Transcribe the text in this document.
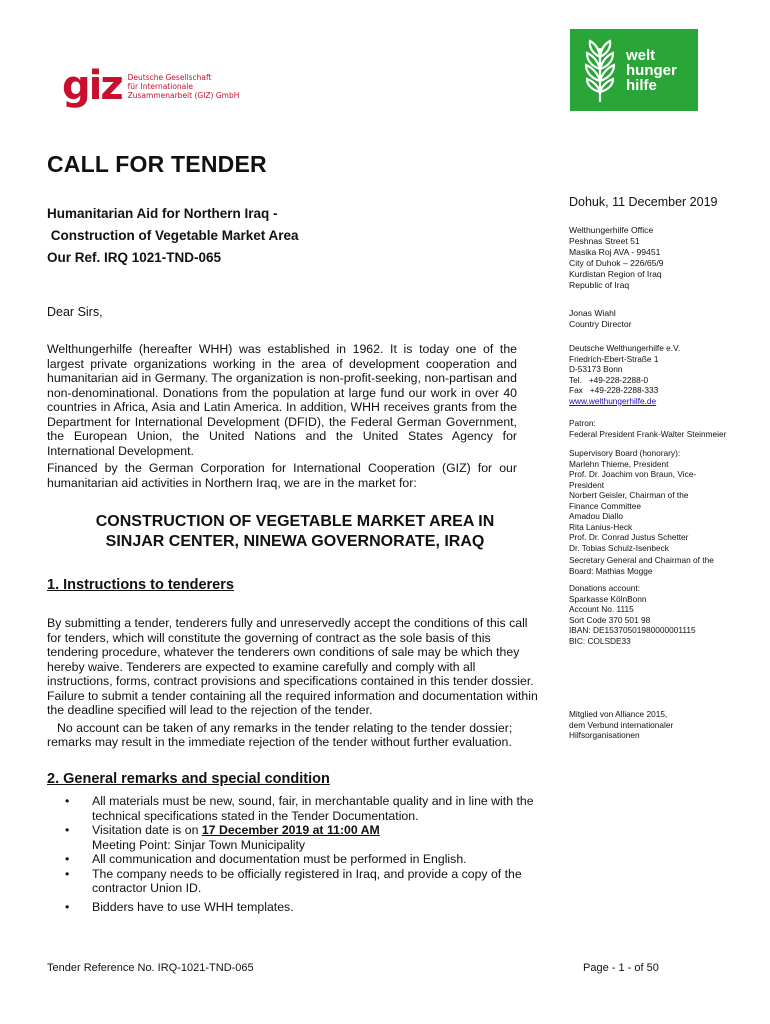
giz Deutsche Gesellschaft
für Internationale
Zusammenarbeit (GIZ) GmbH
welt
hunger
hilfe
CALL FOR TENDER
Humanitarian Aid for Northern Iraq -
Construction of Vegetable Market Area
Our Ref. IRQ 1021-TND-065
Dear Sirs,
Welthungerhilfe (hereafter WHH) was established in 1962. It is today one of the largest private organizations working in the area of development cooperation and humanitarian aid in Germany. The organization is non-profit-seeking, non-partisan and non-denominational. Donations from the population at large fund our work in over 40 countries in Africa, Asia and Latin America. In addition, WHH receives grants from the Department for International Development (DFID), the Federal German Government, the European Union, the United Nations and the United States Agency for International Development.
Financed by the German Corporation for International Cooperation (GIZ) for our humanitarian aid activities in Northern Iraq, we are in the market for:
CONSTRUCTION OF VEGETABLE MARKET AREA IN
SINJAR CENTER, NINEWA GOVERNORATE, IRAQ
1. Instructions to tenderers

By submitting a tender, tenderers fully and unreservedly accept the conditions of this call for tenders, which will constitute the governing of contract as the sole basis of this tendering procedure, whatever the tenderers own conditions of sale may be which they hereby waive. Tenderers are expected to examine carefully and comply with all instructions, forms, contract provisions and specifications contained in this tender dossier. Failure to submit a tender containing all the required information and documentation within the deadline specified will lead to the rejection of the tender.

No account can be taken of any remarks in the tender relating to the tender dossier; remarks may result in the immediate rejection of the tender without further evaluation.

2. General remarks and special condition
• All materials must be new, sound, fair, in merchantable quality and in line with the technical specifications stated in the Tender Documentation.
• Visitation date is on 17 December 2019 at 11:00 AM
Meeting Point: Sinjar Town Municipality
• All communication and documentation must be performed in English.
• The company needs to be officially registered in Iraq, and provide a copy of the contractor Union ID.
• Bidders have to use WHH templates.
Tender Reference No. IRQ-1021-TND-065	Page - 1 - of 50
Dohuk, 11 December 2019
Welthungerhilfe Office
Peshnas Street 51
Masika Roj AVA - 99451
City of Duhok – 226/65/9
Kurdistan Region of Iraq
Republic of Iraq
Jonas Wiahl
Country Director
Deutsche Welthungerhilfe e.V.
Friedrich-Ebert-Straße 1
D-53173 Bonn
Tel.   +49-228-2288-0
Fax   +49-228-2288-333
www.welthungerhilfe.de
Patron:
Federal President Frank-Walter Steinmeier
Supervisory Board (honorary):
Marlehn Thieme, President
Prof. Dr. Joachim von Braun, Vice-
President
Norbert Geisler, Chairman of the
Finance Committee
Amadou Diallo
Rita Lanius-Heck
Prof. Dr. Conrad Justus Schetter
Dr. Tobias Schulz-Isenbeck
Secretary General and Chairman of the
Board: Mathias Mogge
Donations account:
Sparkasse KölnBonn
Account No. 1115
Sort Code 370 501 98
IBAN: DE15370501980000001115
BIC: COLSDE33
Mitglied von Alliance 2015,
dem Verbund internationaler
Hilfsorganisationen
